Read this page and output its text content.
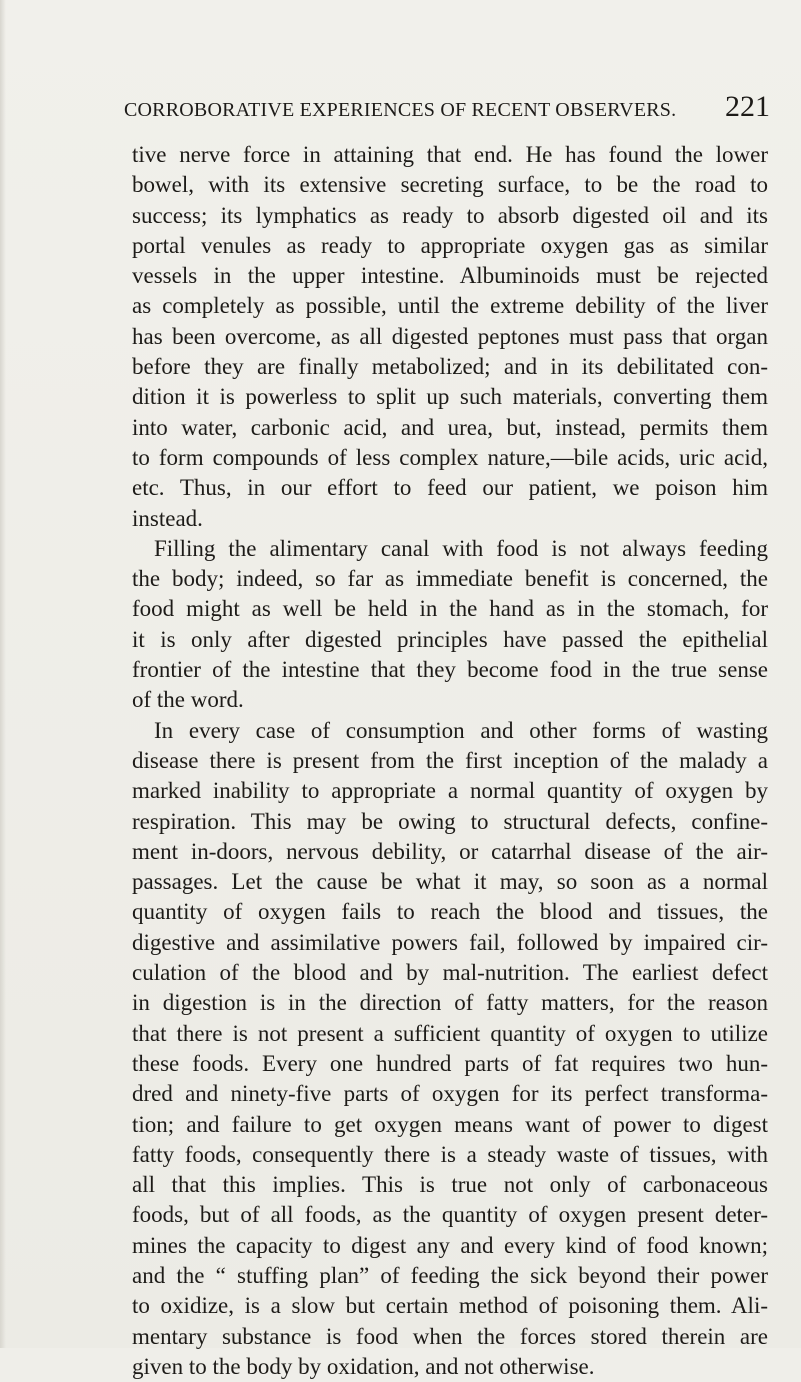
CORROBORATIVE EXPERIENCES OF RECENT OBSERVERS. 221
tive nerve force in attaining that end. He has found the lower
bowel, with its extensive secreting surface, to be the road to
success; its lymphatics as ready to absorb digested oil and its
portal venules as ready to appropriate oxygen gas as similar
vessels in the upper intestine. Albuminoids must be rejected
as completely as possible, until the extreme debility of the liver
has been overcome, as all digested peptones must pass that organ
before they are finally metabolized; and in its debilitated con-
dition it is powerless to split up such materials, converting them
into water, carbonic acid, and urea, but, instead, permits them
to form compounds of less complex nature,—bile acids, uric acid,
etc. Thus, in our effort to feed our patient, we poison him
instead.
Filling the alimentary canal with food is not always feeding
the body; indeed, so far as immediate benefit is concerned, the
food might as well be held in the hand as in the stomach, for
it is only after digested principles have passed the epithelial
frontier of the intestine that they become food in the true sense
of the word.
In every case of consumption and other forms of wasting
disease there is present from the first inception of the malady a
marked inability to appropriate a normal quantity of oxygen by
respiration. This may be owing to structural defects, confine-
ment in-doors, nervous debility, or catarrhal disease of the air-
passages. Let the cause be what it may, so soon as a normal
quantity of oxygen fails to reach the blood and tissues, the
digestive and assimilative powers fail, followed by impaired cir-
culation of the blood and by mal-nutrition. The earliest defect
in digestion is in the direction of fatty matters, for the reason
that there is not present a sufficient quantity of oxygen to utilize
these foods. Every one hundred parts of fat requires two hun-
dred and ninety-five parts of oxygen for its perfect transforma-
tion; and failure to get oxygen means want of power to digest
fatty foods, consequently there is a steady waste of tissues, with
all that this implies. This is true not only of carbonaceous
foods, but of all foods, as the quantity of oxygen present deter-
mines the capacity to digest any and every kind of food known;
and the “ stuffing plan” of feeding the sick beyond their power
to oxidize, is a slow but certain method of poisoning them. Ali-
mentary substance is food when the forces stored therein are
given to the body by oxidation, and not otherwise.
